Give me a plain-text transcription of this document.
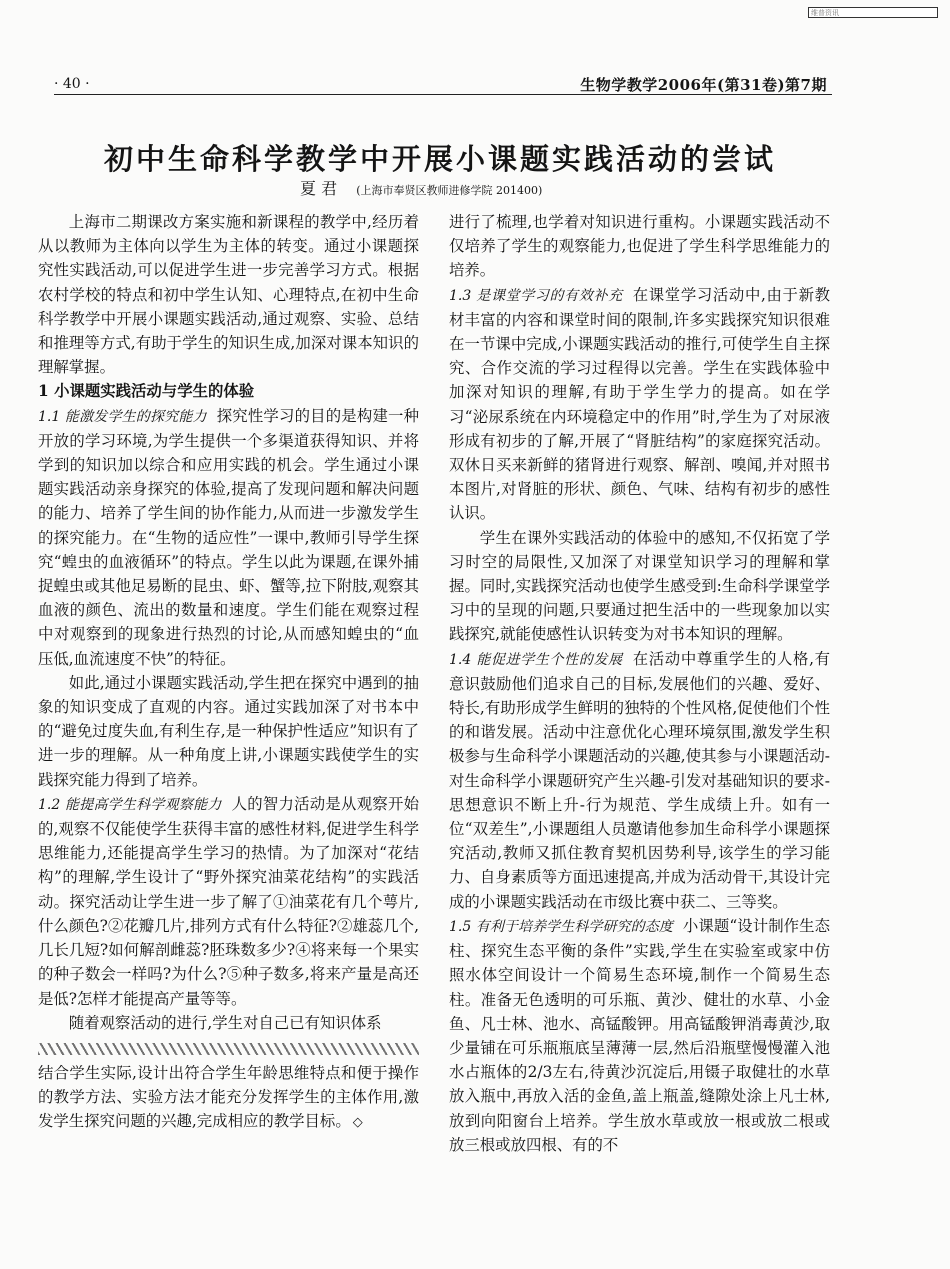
维普资讯
· 40 ·	生物学教学2006年(第31卷)第7期
初中生命科学教学中开展小课题实践活动的尝试
夏 君 (上海市奉贤区教师进修学院 201400)

上海市二期课改方案实施和新课程的教学中,经历着从以教师为主体向以学生为主体的转变。通过小课题探究性实践活动,可以促进学生进一步完善学习方式。根据农村学校的特点和初中学生认知、心理特点,在初中生命科学教学中开展小课题实践活动,通过观察、实验、总结和推理等方式,有助于学生的知识生成,加深对课本知识的理解掌握。

1 小课题实践活动与学生的体验

1.1 能激发学生的探究能力 探究性学习的目的是构建一种开放的学习环境,为学生提供一个多渠道获得知识、并将学到的知识加以综合和应用实践的机会。学生通过小课题实践活动亲身探究的体验,提高了发现问题和解决问题的能力、培养了学生间的协作能力,从而进一步激发学生的探究能力。在“生物的适应性”一课中,教师引导学生探究“蝗虫的血液循环”的特点。学生以此为课题,在课外捕捉蝗虫或其他足易断的昆虫、虾、蟹等,拉下附肢,观察其血液的颜色、流出的数量和速度。学生们能在观察过程中对观察到的现象进行热烈的讨论,从而感知蝗虫的“血压低,血流速度不快”的特征。

如此,通过小课题实践活动,学生把在探究中遇到的抽象的知识变成了直观的内容。通过实践加深了对书本中的“避免过度失血,有利生存,是一种保护性适应”知识有了进一步的理解。从一种角度上讲,小课题实践使学生的实践探究能力得到了培养。

1.2 能提高学生科学观察能力 人的智力活动是从观察开始的,观察不仅能使学生获得丰富的感性材料,促进学生科学思维能力,还能提高学生学习的热情。为了加深对“花结构”的理解,学生设计了“野外探究油菜花结构”的实践活动。探究活动让学生进一步了解了①油菜花有几个萼片,什么颜色?②花瓣几片,排列方式有什么特征?②雄蕊几个,几长几短?如何解剖雌蕊?胚珠数多少?④将来每一个果实的种子数会一样吗?为什么?⑤种子数多,将来产量是高还是低?怎样才能提高产量等等。

随着观察活动的进行,学生对自己已有知识体系

结合学生实际,设计出符合学生年龄思维特点和便于操作的教学方法、实验方法才能充分发挥学生的主体作用,激发学生探究问题的兴趣,完成相应的教学目标。 ◇

进行了梳理,也学着对知识进行重构。小课题实践活动不仅培养了学生的观察能力,也促进了学生科学思维能力的培养。

1.3 是课堂学习的有效补充 在课堂学习活动中,由于新教材丰富的内容和课堂时间的限制,许多实践探究知识很难在一节课中完成,小课题实践活动的推行,可使学生自主探究、合作交流的学习过程得以完善。学生在实践体验中加深对知识的理解,有助于学生学力的提高。如在学习“泌尿系统在内环境稳定中的作用”时,学生为了对尿液形成有初步的了解,开展了“肾脏结构”的家庭探究活动。双休日买来新鲜的猪肾进行观察、解剖、嗅闻,并对照书本图片,对肾脏的形状、颜色、气味、结构有初步的感性认识。

学生在课外实践活动的体验中的感知,不仅拓宽了学习时空的局限性,又加深了对课堂知识学习的理解和掌握。同时,实践探究活动也使学生感受到:生命科学课堂学习中的呈现的问题,只要通过把生活中的一些现象加以实践探究,就能使感性认识转变为对书本知识的理解。

1.4 能促进学生个性的发展 在活动中尊重学生的人格,有意识鼓励他们追求自己的目标,发展他们的兴趣、爱好、特长,有助形成学生鲜明的独特的个性风格,促使他们个性的和谐发展。活动中注意优化心理环境氛围,激发学生积极参与生命科学小课题活动的兴趣,使其参与小课题活动-对生命科学小课题研究产生兴趣-引发对基础知识的要求-思想意识不断上升-行为规范、学生成绩上升。如有一位“双差生”,小课题组人员邀请他参加生命科学小课题探究活动,教师又抓住教育契机因势利导,该学生的学习能力、自身素质等方面迅速提高,并成为活动骨干,其设计完成的小课题实践活动在市级比赛中获二、三等奖。

1.5 有利于培养学生科学研究的态度 小课题“设计制作生态柱、探究生态平衡的条件”实践,学生在实验室或家中仿照水体空间设计一个简易生态环境,制作一个简易生态柱。准备无色透明的可乐瓶、黄沙、健壮的水草、小金鱼、凡士林、池水、高锰酸钾。用高锰酸钾消毒黄沙,取少量铺在可乐瓶瓶底呈薄薄一层,然后沿瓶壁慢慢灌入池水占瓶体的2/3左右,待黄沙沉淀后,用镊子取健壮的水草放入瓶中,再放入活的金鱼,盖上瓶盖,缝隙处涂上凡士林,放到向阳窗台上培养。学生放水草或放一根或放二根或放三根或放四根、有的不
